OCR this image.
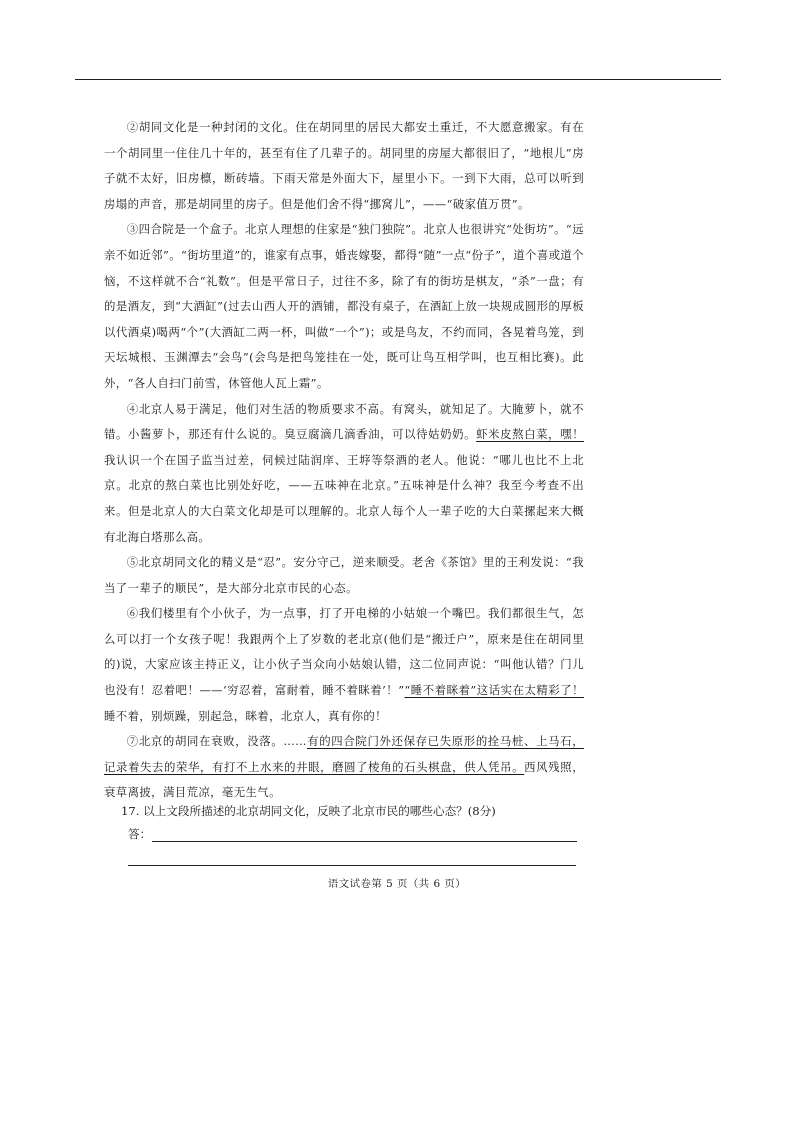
②胡同文化是一种封闭的文化。住在胡同里的居民大都安土重迁，不大愿意搬家。有在一个胡同里一住住几十年的，甚至有住了几辈子的。胡同里的房屋大都很旧了，“地根儿”房子就不太好，旧房檩，断砖墙。下雨天常是外面大下，屋里小下。一到下大雨，总可以听到房塌的声音，那是胡同里的房子。但是他们舍不得“挪窝儿”，——“破家值万贯”。

③四合院是一个盒子。北京人理想的住家是“独门独院”。北京人也很讲究“处街坊”。“远亲不如近邻”。“街坊里道”的，谁家有点事，婚丧嫁娶，都得“随”一点“份子”，道个喜或道个恼，不这样就不合“礼数”。但是平常日子，过往不多，除了有的街坊是棋友，“杀”一盘；有的是酒友，到“大酒缸”(过去山西人开的酒铺，都没有桌子，在酒缸上放一块规成圆形的厚板以代酒桌)喝两“个”(大酒缸二两一杯，叫做“一个”)；或是鸟友，不约而同，各晃着鸟笼，到天坛城根、玉渊潭去“会鸟”(会鸟是把鸟笼挂在一处，既可让鸟互相学叫，也互相比赛)。此外，“各人自扫门前雪，休管他人瓦上霜”。

④北京人易于满足，他们对生活的物质要求不高。有窝头，就知足了。大腌萝卜，就不错。小酱萝卜，那还有什么说的。臭豆腐滴几滴香油，可以待姑奶奶。虾米皮熬白菜，嘿！我认识一个在国子监当过差，伺候过陆润庠、王垿等祭酒的老人。他说：“哪儿也比不上北京。北京的熬白菜也比别处好吃，——五味神在北京。”五味神是什么神？我至今考查不出来。但是北京人的大白菜文化却是可以理解的。北京人每个人一辈子吃的大白菜摞起来大概有北海白塔那么高。

⑤北京胡同文化的精义是“忍”。安分守己，逆来顺受。老舍《茶馆》里的王利发说：“我当了一辈子的顺民”，是大部分北京市民的心态。

⑥我们楼里有个小伙子，为一点事，打了开电梯的小姑娘一个嘴巴。我们都很生气，怎么可以打一个女孩子呢！我跟两个上了岁数的老北京(他们是“搬迁户”，原来是住在胡同里的)说，大家应该主持正义，让小伙子当众向小姑娘认错，这二位同声说：“叫他认错？门儿也没有！忍着吧！——‘穷忍着，富耐着，睡不着眯着’！”“睡不着眯着”这话实在太精彩了！睡不着，别烦躁，别起急，眯着，北京人，真有你的！

⑦北京的胡同在衰败，没落。……有的四合院门外还保存已失原形的拴马桩、上马石，记录着失去的荣华，有打不上水来的井眼，磨圆了棱角的石头棋盘，供人凭吊。西风残照，衰草离披，满目荒凉，毫无生气。

17. 以上文段所描述的北京胡同文化，反映了北京市民的哪些心态？(8分)
答：
语文试卷第 5 页（共 6 页）
